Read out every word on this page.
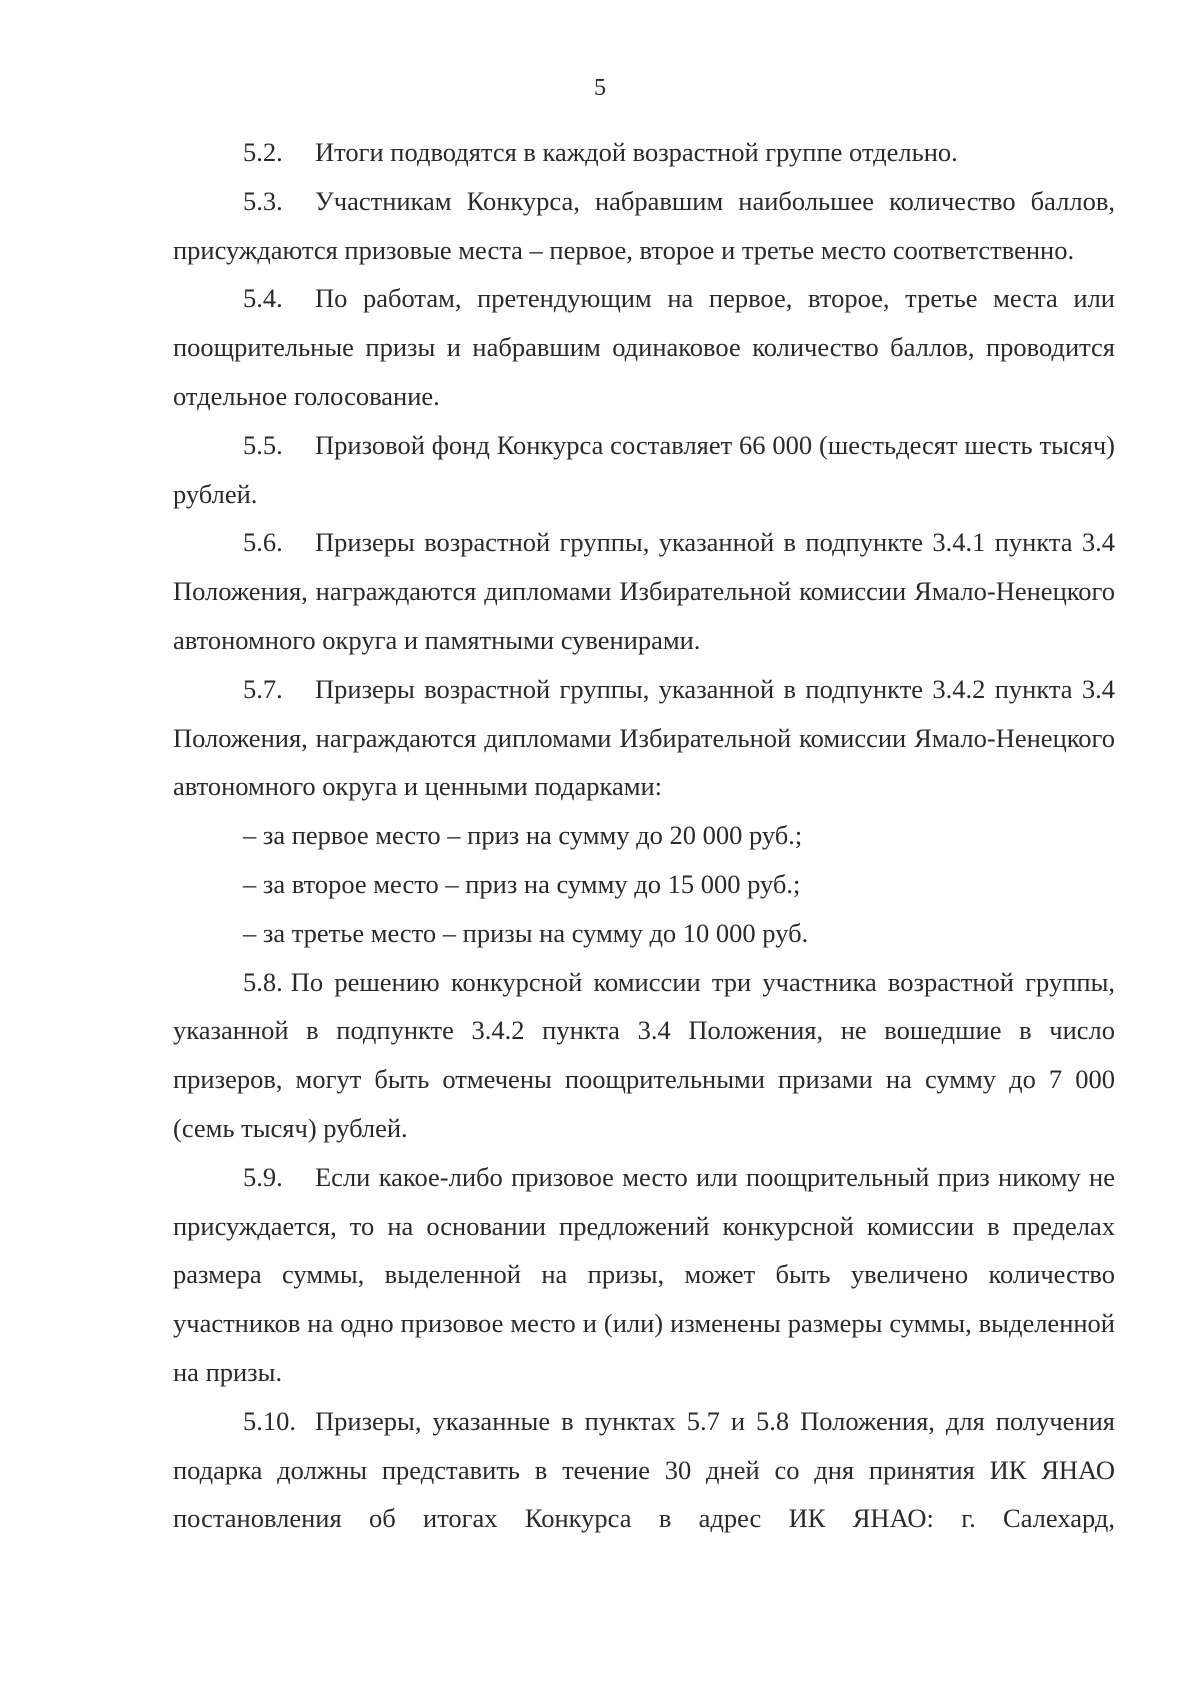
5

5.2. Итоги подводятся в каждой возрастной группе отдельно.

5.3. Участникам Конкурса, набравшим наибольшее количество баллов, присуждаются призовые места – первое, второе и третье место соответственно.

5.4. По работам, претендующим на первое, второе, третье места или поощрительные призы и набравшим одинаковое количество баллов, проводится отдельное голосование.

5.5. Призовой фонд Конкурса составляет 66 000 (шестьдесят шесть тысяч) рублей.

5.6. Призеры возрастной группы, указанной в подпункте 3.4.1 пункта 3.4 Положения, награждаются дипломами Избирательной комиссии Ямало-Ненецкого автономного округа и памятными сувенирами.

5.7. Призеры возрастной группы, указанной в подпункте 3.4.2 пункта 3.4 Положения, награждаются дипломами Избирательной комиссии Ямало-Ненецкого автономного округа и ценными подарками:

– за первое место – приз на сумму до 20 000 руб.;

– за второе место – приз на сумму до 15 000 руб.;

– за третье место – призы на сумму до 10 000 руб.

5.8. По решению конкурсной комиссии три участника возрастной группы, указанной в подпункте 3.4.2 пункта 3.4 Положения, не вошедшие в число призеров, могут быть отмечены поощрительными призами на сумму до 7 000 (семь тысяч) рублей.

5.9. Если какое-либо призовое место или поощрительный приз никому не присуждается, то на основании предложений конкурсной комиссии в пределах размера суммы, выделенной на призы, может быть увеличено количество участников на одно призовое место и (или) изменены размеры суммы, выделенной на призы.

5.10. Призеры, указанные в пунктах 5.7 и 5.8 Положения, для получения подарка должны представить в течение 30 дней со дня принятия ИК ЯНАО постановления об итогах Конкурса в адрес ИК ЯНАО: г. Салехард,
